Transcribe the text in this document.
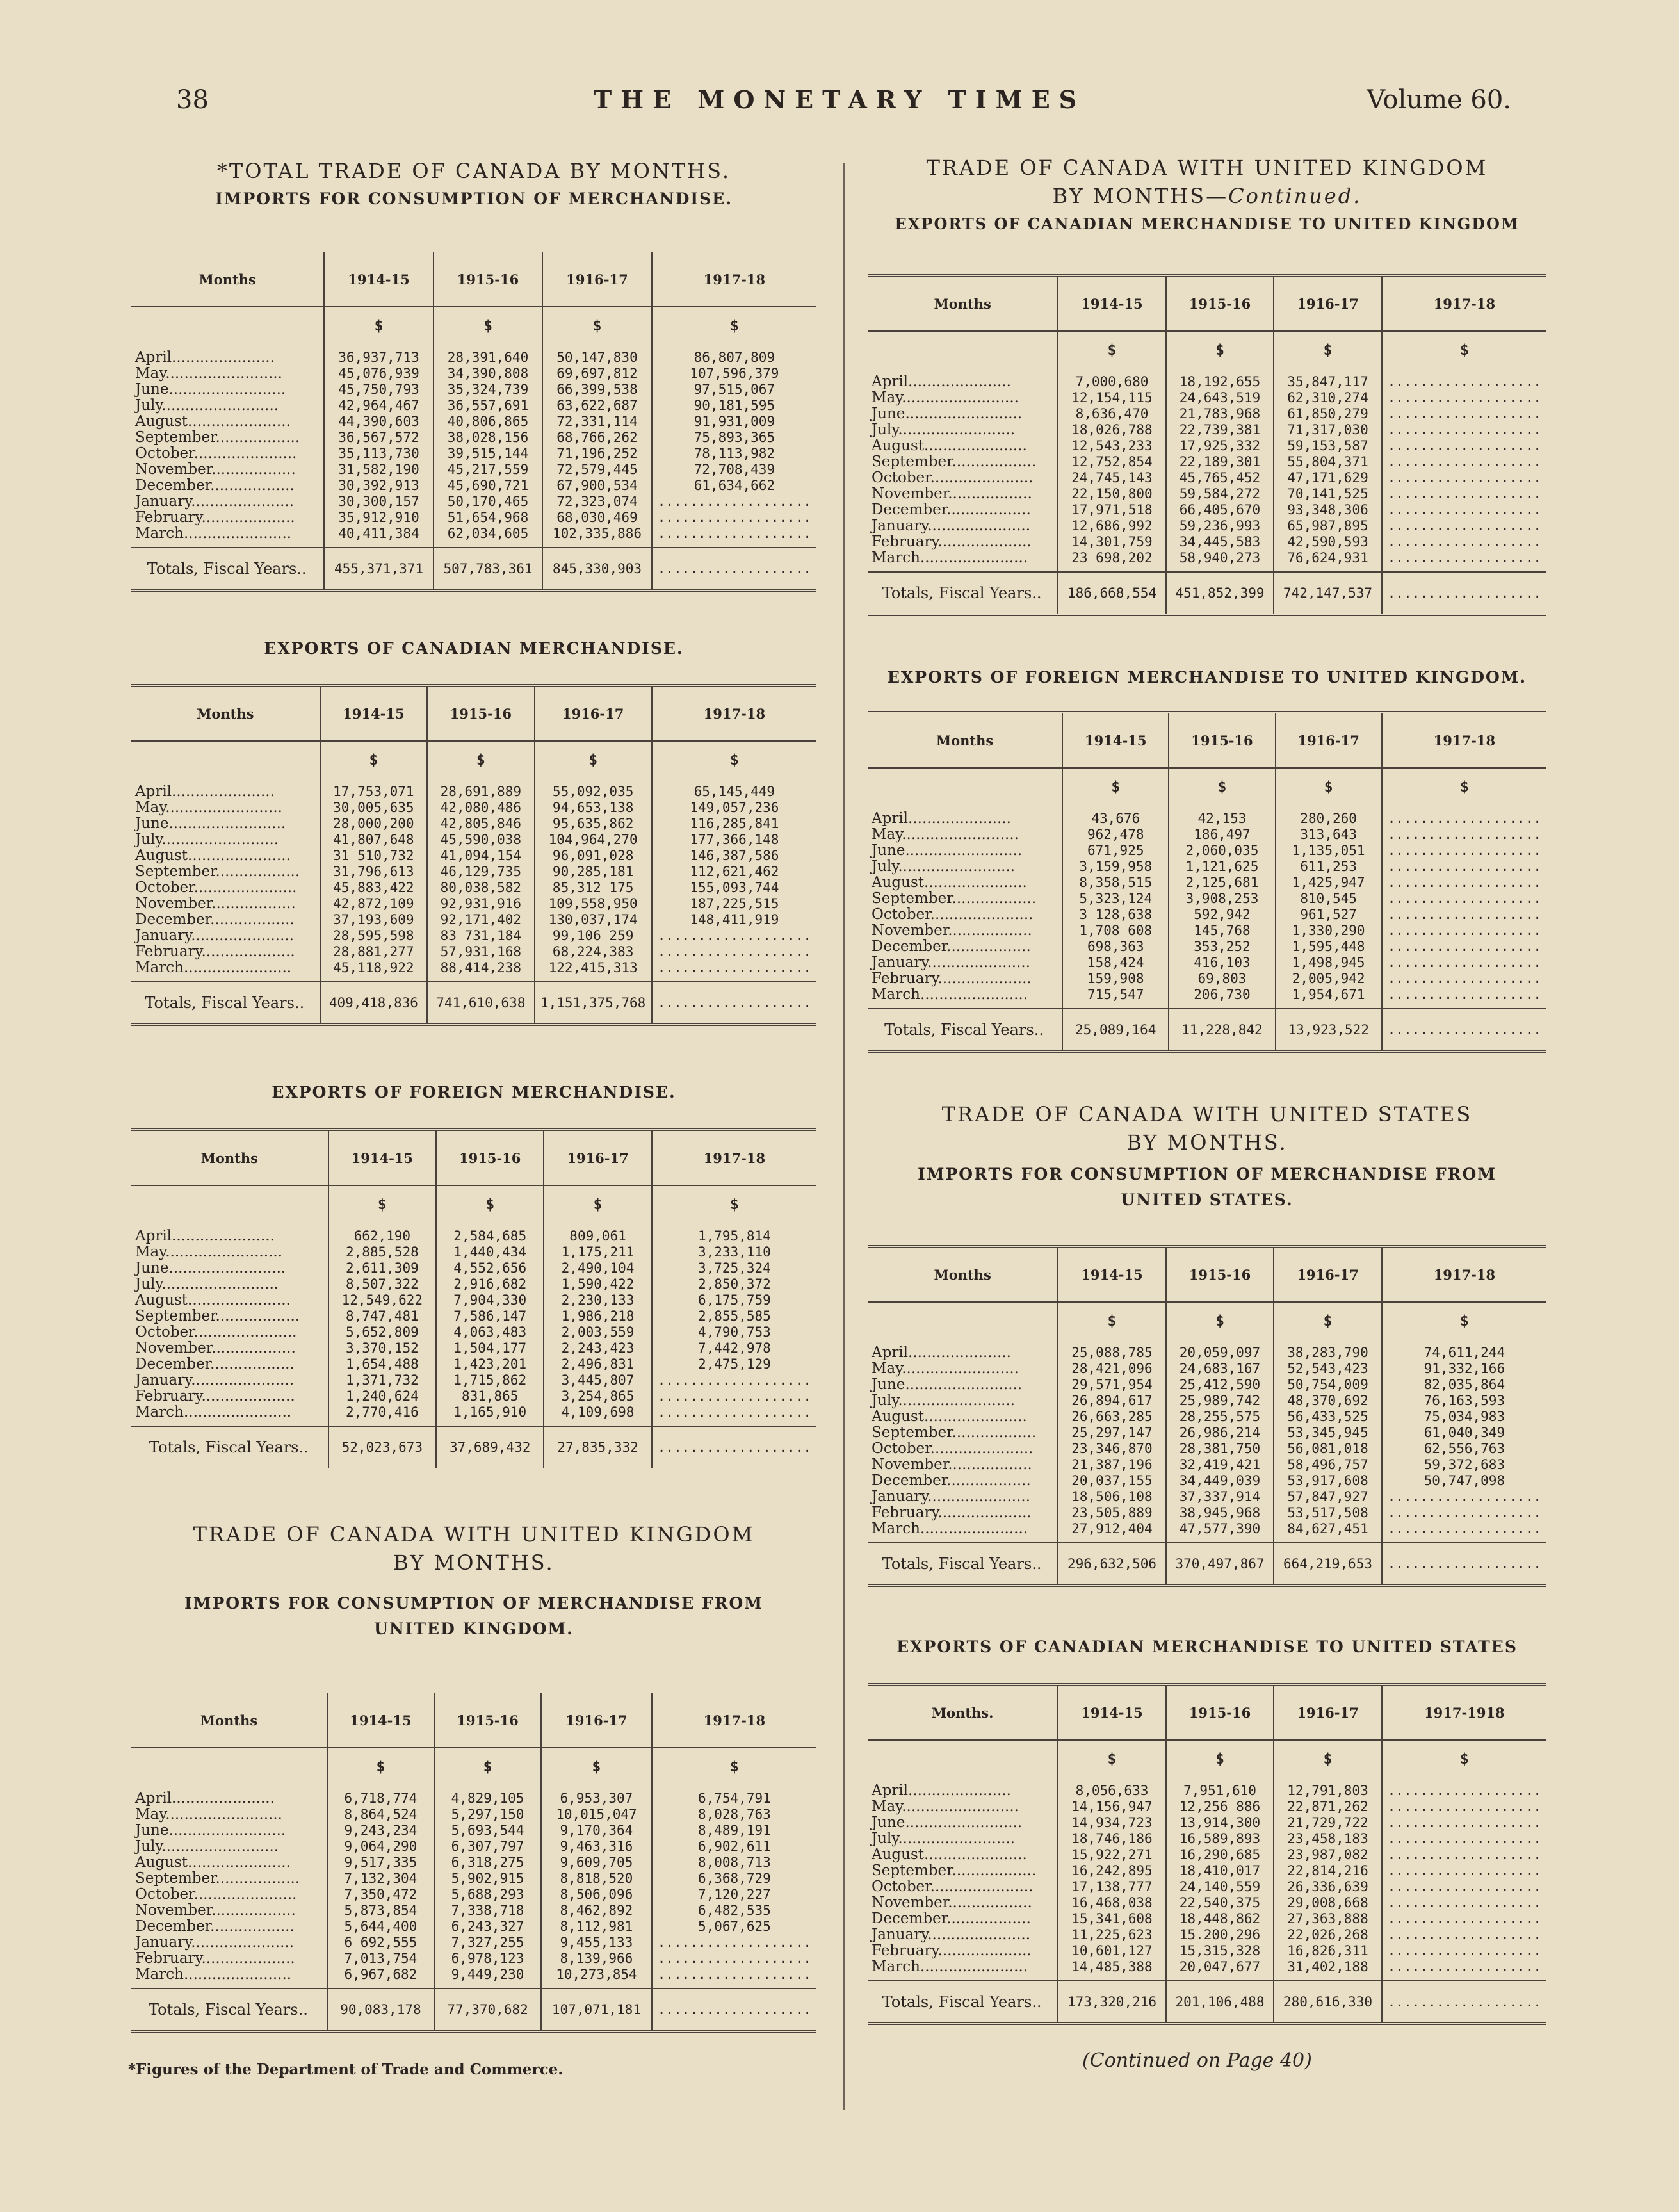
38	THE MONETARY TIMES	Volume 60.
*TOTAL TRADE OF CANADA BY MONTHS.
IMPORTS FOR CONSUMPTION OF MERCHANDISE.
Months	1914-15	1915-16	1916-17	1917-18
	$	$	$	$
April......................	36,937,713	28,391,640	50,147,830	86,807,809
May.........................	45,076,939	34,390,808	69,697,812	107,596,379
June.........................	45,750,793	35,324,739	66,399,538	97,515,067
July.........................	42,964,467	36,557,691	63,622,687	90,181,595
August......................	44,390,603	40,806,865	72,331,114	91,931,009
September..................	36,567,572	38,028,156	68,766,262	75,893,365
October......................	35,113,730	39,515,144	71,196,252	78,113,982
November..................	31,582,190	45,217,559	72,579,445	72,708,439
December..................	30,392,913	45,690,721	67,900,534	61,634,662
January......................	30,300,157	50,170,465	72,323,074	...................
February....................	35,912,910	51,654,968	68,030,469	...................
March.......................	40,411,384	62,034,605	102,335,886	...................
Totals, Fiscal Years..	455,371,371	507,783,361	845,330,903	...................
EXPORTS OF CANADIAN MERCHANDISE.
Months	1914-15	1915-16	1916-17	1917-18
	$	$	$	$
April......................	17,753,071	28,691,889	55,092,035	65,145,449
May.........................	30,005,635	42,080,486	94,653,138	149,057,236
June.........................	28,000,200	42,805,846	95,635,862	116,285,841
July.........................	41,807,648	45,590,038	104,964,270	177,366,148
August......................	31 510,732	41,094,154	96,091,028	146,387,586
September..................	31,796,613	46,129,735	90,285,181	112,621,462
October......................	45,883,422	80,038,582	85,312 175	155,093,744
November..................	42,872,109	92,931,916	109,558,950	187,225,515
December..................	37,193,609	92,171,402	130,037,174	148,411,919
January......................	28,595,598	83 731,184	99,106 259	...................
February....................	28,881,277	57,931,168	68,224,383	...................
March.......................	45,118,922	88,414,238	122,415,313	...................
Totals, Fiscal Years..	409,418,836	741,610,638	1,151,375,768	...................
EXPORTS OF FOREIGN MERCHANDISE.
Months	1914-15	1915-16	1916-17	1917-18
	$	$	$	$
April......................	662,190	2,584,685	809,061	1,795,814
May.........................	2,885,528	1,440,434	1,175,211	3,233,110
June.........................	2,611,309	4,552,656	2,490,104	3,725,324
July.........................	8,507,322	2,916,682	1,590,422	2,850,372
August......................	12,549,622	7,904,330	2,230,133	6,175,759
September..................	8,747,481	7,586,147	1,986,218	2,855,585
October......................	5,652,809	4,063,483	2,003,559	4,790,753
November..................	3,370,152	1,504,177	2,243,423	7,442,978
December..................	1,654,488	1,423,201	2,496,831	2,475,129
January......................	1,371,732	1,715,862	3,445,807	...................
February....................	1,240,624	831,865	3,254,865	...................
March.......................	2,770,416	1,165,910	4,109,698	...................
Totals, Fiscal Years..	52,023,673	37,689,432	27,835,332	...................
TRADE OF CANADA WITH UNITED KINGDOM
BY MONTHS.
IMPORTS FOR CONSUMPTION OF MERCHANDISE FROM
UNITED KINGDOM.
Months	1914-15	1915-16	1916-17	1917-18
	$	$	$	$
April......................	6,718,774	4,829,105	6,953,307	6,754,791
May.........................	8,864,524	5,297,150	10,015,047	8,028,763
June.........................	9,243,234	5,693,544	9,170,364	8,489,191
July.........................	9,064,290	6,307,797	9,463,316	6,902,611
August......................	9,517,335	6,318,275	9,609,705	8,008,713
September..................	7,132,304	5,902,915	8,818,520	6,368,729
October......................	7,350,472	5,688,293	8,506,096	7,120,227
November..................	5,873,854	7,338,718	8,462,892	6,482,535
December..................	5,644,400	6,243,327	8,112,981	5,067,625
January......................	6 692,555	7,327,255	9,455,133	...................
February....................	7,013,754	6,978,123	8,139,966	...................
March.......................	6,967,682	9,449,230	10,273,854	...................
Totals, Fiscal Years..	90,083,178	77,370,682	107,071,181	...................
TRADE OF CANADA WITH UNITED KINGDOM
BY MONTHS—Continued.
EXPORTS OF CANADIAN MERCHANDISE TO UNITED KINGDOM
Months	1914-15	1915-16	1916-17	1917-18
	$	$	$	$
April......................	7,000,680	18,192,655	35,847,117	...................
May.........................	12,154,115	24,643,519	62,310,274	...................
June.........................	8,636,470	21,783,968	61,850,279	...................
July.........................	18,026,788	22,739,381	71,317,030	...................
August......................	12,543,233	17,925,332	59,153,587	...................
September..................	12,752,854	22,189,301	55,804,371	...................
October......................	24,745,143	45,765,452	47,171,629	...................
November..................	22,150,800	59,584,272	70,141,525	...................
December..................	17,971,518	66,405,670	93,348,306	...................
January......................	12,686,992	59,236,993	65,987,895	...................
February....................	14,301,759	34,445,583	42,590,593	...................
March.......................	23 698,202	58,940,273	76,624,931	...................
Totals, Fiscal Years..	186,668,554	451,852,399	742,147,537	...................
EXPORTS OF FOREIGN MERCHANDISE TO UNITED KINGDOM.
Months	1914-15	1915-16	1916-17	1917-18
	$	$	$	$
April......................	43,676	42,153	280,260	...................
May.........................	962,478	186,497	313,643	...................
June.........................	671,925	2,060,035	1,135,051	...................
July.........................	3,159,958	1,121,625	611,253	...................
August......................	8,358,515	2,125,681	1,425,947	...................
September..................	5,323,124	3,908,253	810,545	...................
October......................	3 128,638	592,942	961,527	...................
November..................	1,708 608	145,768	1,330,290	...................
December..................	698,363	353,252	1,595,448	...................
January......................	158,424	416,103	1,498,945	...................
February....................	159,908	69,803	2,005,942	...................
March.......................	715,547	206,730	1,954,671	...................
Totals, Fiscal Years..	25,089,164	11,228,842	13,923,522	...................
TRADE OF CANADA WITH UNITED STATES
BY MONTHS.
IMPORTS FOR CONSUMPTION OF MERCHANDISE FROM
UNITED STATES.
Months	1914-15	1915-16	1916-17	1917-18
	$	$	$	$
April......................	25,088,785	20,059,097	38,283,790	74,611,244
May.........................	28,421,096	24,683,167	52,543,423	91,332,166
June.........................	29,571,954	25,412,590	50,754,009	82,035,864
July.........................	26,894,617	25,989,742	48,370,692	76,163,593
August......................	26,663,285	28,255,575	56,433,525	75,034,983
September..................	25,297,147	26,986,214	53,345,945	61,040,349
October......................	23,346,870	28,381,750	56,081,018	62,556,763
November..................	21,387,196	32,419,421	58,496,757	59,372,683
December..................	20,037,155	34,449,039	53,917,608	50,747,098
January......................	18,506,108	37,337,914	57,847,927	...................
February....................	23,505,889	38,945,968	53,517,508	...................
March.......................	27,912,404	47,577,390	84,627,451	...................
Totals, Fiscal Years..	296,632,506	370,497,867	664,219,653	...................
EXPORTS OF CANADIAN MERCHANDISE TO UNITED STATES
Months.	1914-15	1915-16	1916-17	1917-1918
	$	$	$	$
April......................	8,056,633	7,951,610	12,791,803	...................
May.........................	14,156,947	12,256 886	22,871,262	...................
June.........................	14,934,723	13,914,300	21,729,722	...................
July.........................	18,746,186	16,589,893	23,458,183	...................
August......................	15,922,271	16,290,685	23,987,082	...................
September..................	16,242,895	18,410,017	22,814,216	...................
October......................	17,138,777	24,140,559	26,336,639	...................
November..................	16,468,038	22,540,375	29,008,668	...................
December..................	15,341,608	18,448,862	27,363,888	...................
January......................	11,225,623	15.200,296	22,026,268	...................
February....................	10,601,127	15,315,328	16,826,311	...................
March.......................	14,485,388	20,047,677	31,402,188	...................
Totals, Fiscal Years..	173,320,216	201,106,488	280,616,330	...................
*Figures of the Department of Trade and Commerce.	(Continued on Page 40)
